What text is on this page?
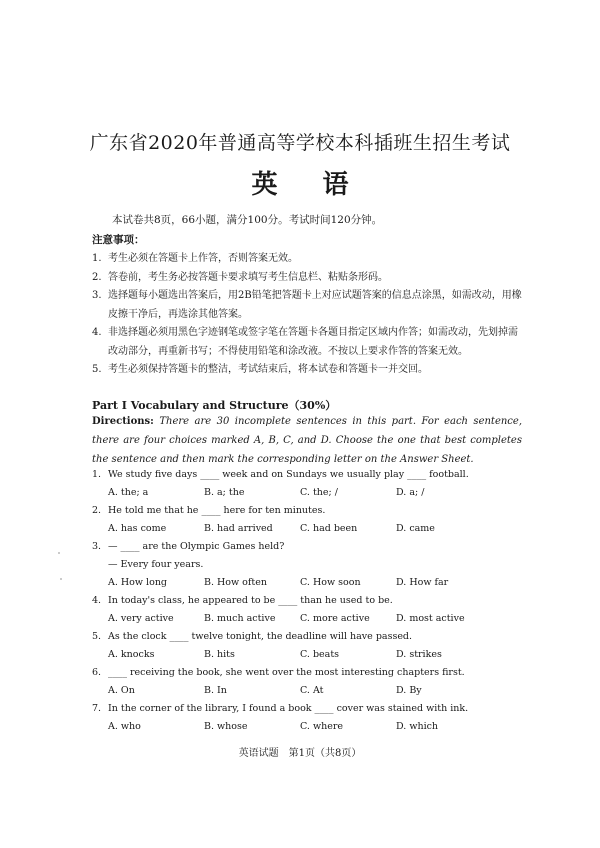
广东省2020年普通高等学校本科插班生招生考试
英 语
本试卷共8页，66小题，满分100分。考试时间120分钟。
注意事项：
1. 考生必须在答题卡上作答，否则答案无效。
2. 答卷前，考生务必按答题卡要求填写考生信息栏、粘贴条形码。
3. 选择题每小题选出答案后，用2B铅笔把答题卡上对应试题答案的信息点涂黑，如需改动，用橡皮擦干净后，再选涂其他答案。
4. 非选择题必须用黑色字迹钢笔或签字笔在答题卡各题目指定区域内作答；如需改动，先划掉需改动部分，再重新书写；不得使用铅笔和涂改液。不按以上要求作答的答案无效。
5. 考生必须保持答题卡的整洁，考试结束后，将本试卷和答题卡一并交回。
Part Ⅰ Vocabulary and Structure（30%）
Directions: There are 30 incomplete sentences in this part. For each sentence, there are four choices marked A, B, C, and D. Choose the one that best completes the sentence and then mark the corresponding letter on the Answer Sheet.
1. We study five days ____ week and on Sundays we usually play ____ football.
A. the; a	B. a; the	C. the; /	D. a; /
2. He told me that he ____ here for ten minutes.
A. has come	B. had arrived	C. had been	D. came
3. — ____ are the Olympic Games held?
— Every four years.
A. How long	B. How often	C. How soon	D. How far
4. In today's class, he appeared to be ____ than he used to be.
A. very active	B. much active	C. more active	D. most active
5. As the clock ____ twelve tonight, the deadline will have passed.
A. knocks	B. hits	C. beats	D. strikes
6. ____ receiving the book, she went over the most interesting chapters first.
A. On	B. In	C. At	D. By
7. In the corner of the library, I found a book ____ cover was stained with ink.
A. who	B. whose	C. where	D. which
英语试题　第1页（共8页）
